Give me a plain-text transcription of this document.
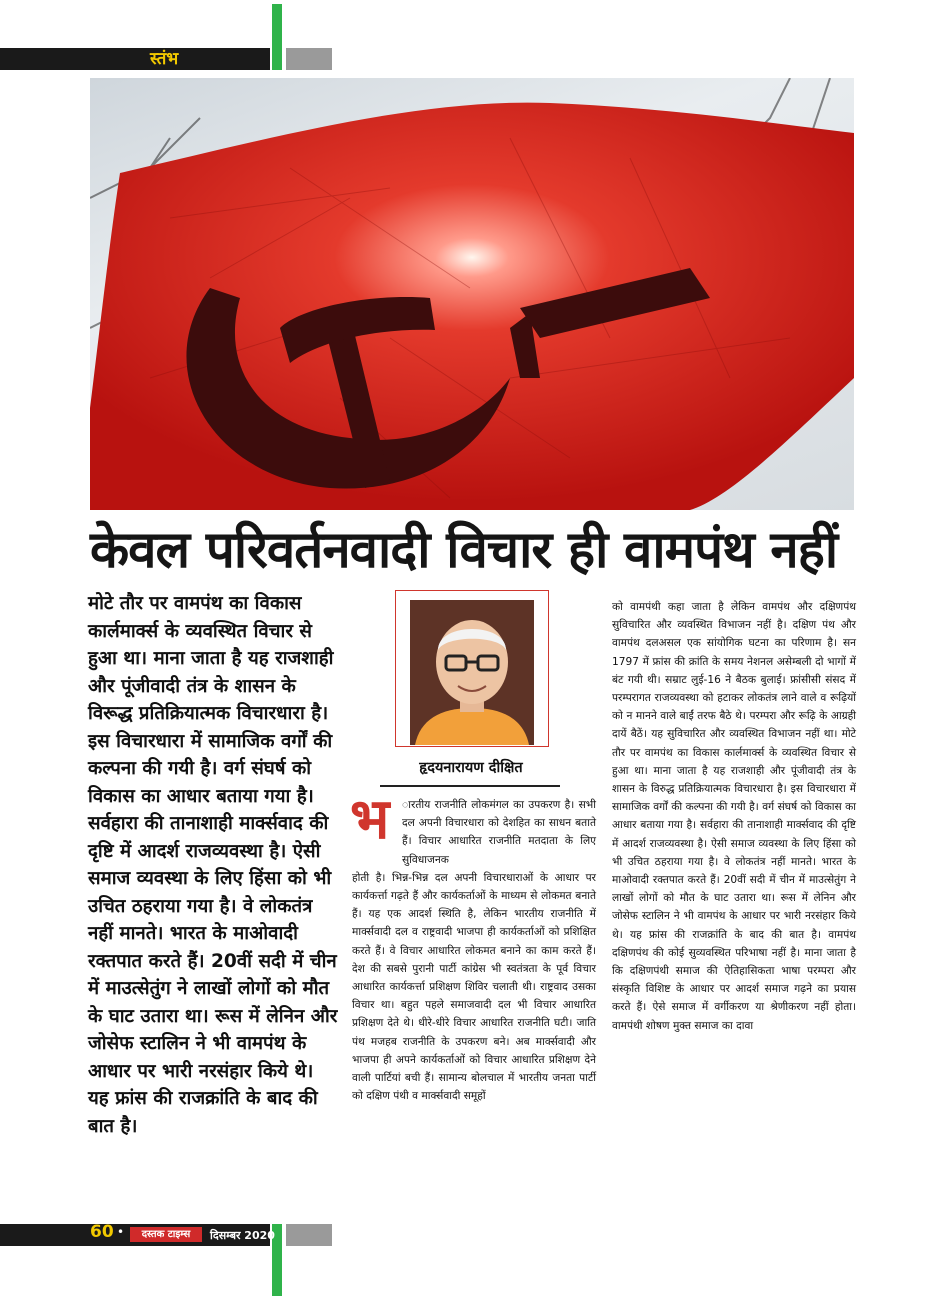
स्तंभ
केवल परिवर्तनवादी विचार ही वामपंथ नहीं
मोटे तौर पर वामपंथ का विकास कार्लमार्क्स के व्यवस्थित विचार से हुआ था। माना जाता है यह राजशाही और पूंजीवादी तंत्र के शासन के विरूद्ध प्रतिक्रियात्मक विचारधारा है। इस विचारधारा में सामाजिक वर्गों की कल्पना की गयी है। वर्ग संघर्ष को विकास का आधार बताया गया है। सर्वहारा की तानाशाही मार्क्सवाद की दृष्टि में आदर्श राजव्यवस्था है। ऐसी समाज व्यवस्था के लिए हिंसा को भी उचित ठहराया गया है। वे लोकतंत्र नहीं मानते। भारत के माओवादी रक्तपात करते हैं। 20वीं सदी में चीन में माउत्सेतुंग ने लाखों लोगों को मौत के घाट उतारा था। रूस में लेनिन और जोसेफ स्टालिन ने भी वामपंथ के आधार पर भारी नरसंहार किये थे। यह फ्रांस की राजक्रांति के बाद की बात है।
हृदयनारायण दीक्षित
भ	ारतीय राजनीति लोकमंगल का उपकरण है। सभी दल अपनी विचारधारा को देशहित का साधन बताते हैं। विचार आधारित राजनीति मतदाता के लिए सुविधाजनक
होती है। भिन्न-भिन्न दल अपनी विचारधाराओं के आधार पर कार्यकर्त्ता गढ़ते हैं और कार्यकर्ताओं के माध्यम से लोकमत बनाते हैं। यह एक आदर्श स्थिति है, लेकिन भारतीय राजनीति में मार्क्सवादी दल व राष्ट्रवादी भाजपा ही कार्यकर्ताओं को प्रशिक्षित करते हैं। वे विचार आधारित लोकमत बनाने का काम करते हैं। देश की सबसे पुरानी पार्टी कांग्रेस भी स्वतंत्रता के पूर्व विचार आधारित कार्यकर्त्ता प्रशिक्षण शिविर चलाती थी। राष्ट्रवाद उसका विचार था। बहुत पहले समाजवादी दल भी विचार आधारित प्रशिक्षण देते थे। धीरे-धीरे विचार आधारित राजनीति घटी। जाति पंथ मजहब राजनीति के उपकरण बने। अब मार्क्सवादी और भाजपा ही अपने कार्यकर्ताओं को विचार आधारित प्रशिक्षण देने वाली पार्टियां बची हैं। सामान्य बोलचाल में भारतीय जनता पार्टी को दक्षिण पंथी व मार्क्सवादी समूहों
को वामपंथी कहा जाता है लेकिन वामपंथ और दक्षिणपंथ सुविचारित और व्यवस्थित विभाजन नहीं है। दक्षिण पंथ और वामपंथ दलअसल एक सांयोगिक घटना का परिणाम है। सन 1797 में फ्रांस की क्रांति के समय नेशनल असेम्बली दो भागों में बंट गयी थी। सम्राट लुई-16 ने बैठक बुलाई। फ्रांसीसी संसद में परम्परागत राजव्यवस्था को हटाकर लोकतंत्र लाने वाले व रूढ़ियों को न मानने वाले बाईं तरफ बैठे थे। परम्परा और रूढ़ि के आग्रही दायें बैठें। यह सुविचारित और व्यवस्थित विभाजन नहीं था। मोटे तौर पर वामपंथ का विकास कार्लमार्क्स के व्यवस्थित विचार से हुआ था। माना जाता है यह राजशाही और पूंजीवादी तंत्र के शासन के विरुद्ध प्रतिक्रियात्मक विचारधारा है। इस विचारधारा में सामाजिक वर्गों की कल्पना की गयी है। वर्ग संघर्ष को विकास का आधार बताया गया है। सर्वहारा की तानाशाही मार्क्सवाद की दृष्टि में आदर्श राजव्यवस्था है। ऐसी समाज व्यवस्था के लिए हिंसा को भी उचित ठहराया गया है। वे लोकतंत्र नहीं मानते। भारत के माओवादी रक्तपात करते हैं। 20वीं सदी में चीन में माउत्सेतुंग ने लाखों लोगों को मौत के घाट उतारा था। रूस में लेनिन और जोसेफ स्टालिन ने भी वामपंथ के आधार पर भारी नरसंहार किये थे। यह फ्रांस की राजक्रांति के बाद की बात है। वामपंथ दक्षिणपंथ की कोई सुव्यवस्थित परिभाषा नहीं है। माना जाता है कि दक्षिणपंथी समाज की ऐतिहासिकता भाषा परम्परा और संस्कृति विशिष्ट के आधार पर आदर्श समाज गढ़ने का प्रयास करते हैं। ऐसे समाज में वर्गीकरण या श्रेणीकरण नहीं होता। वामपंथी शोषण मुक्त समाज का दावा
60 •	दस्तक टाइम्स	दिसम्बर 2020
